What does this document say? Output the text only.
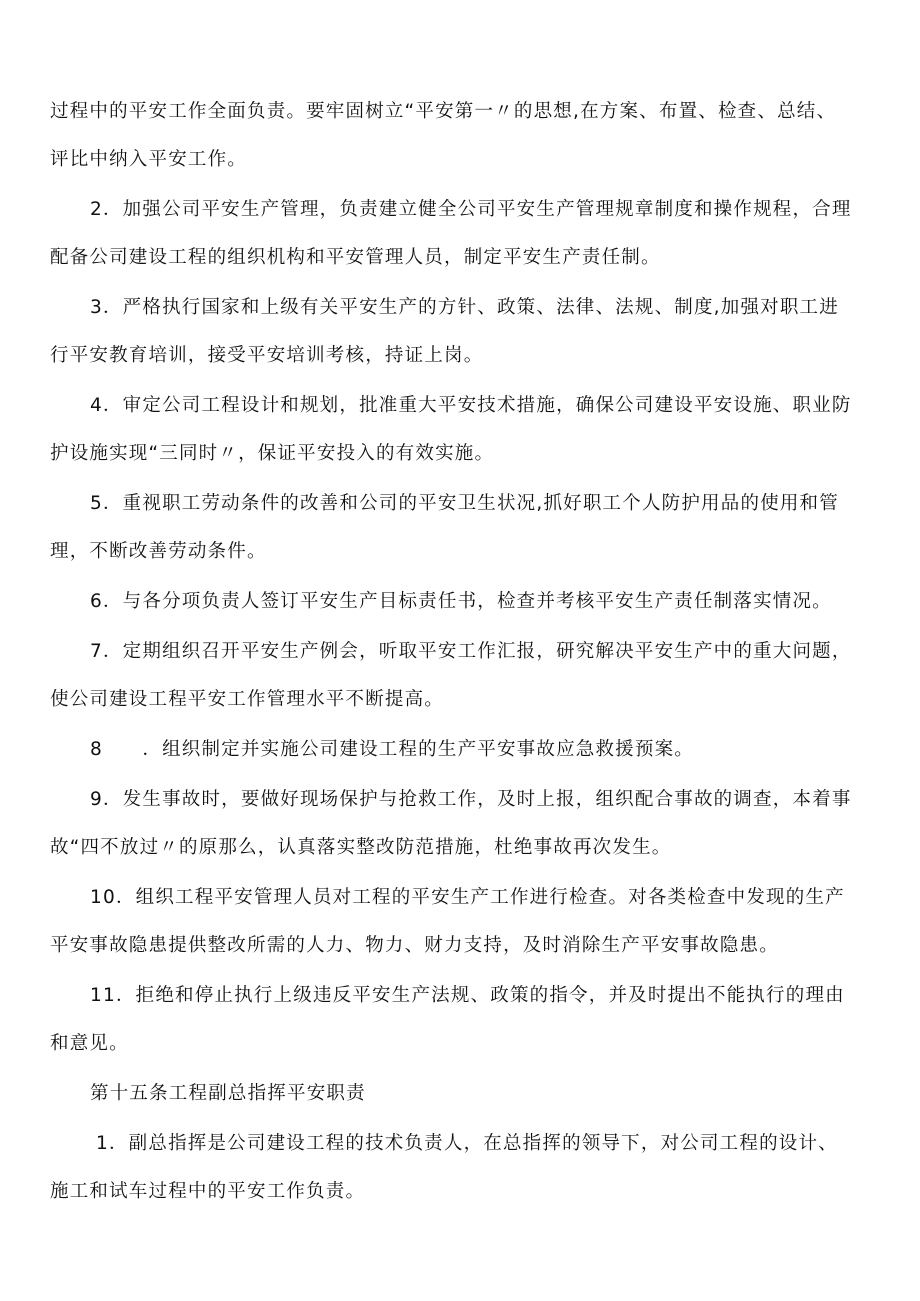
过程中的平安工作全面负责。要牢固树立“平安第一〃的思想,在方案、布置、检查、总结、
评比中纳入平安工作。
2．加强公司平安生产管理，负责建立健全公司平安生产管理规章制度和操作规程，合理
配备公司建设工程的组织机构和平安管理人员，制定平安生产责任制。
3．严格执行国家和上级有关平安生产的方针、政策、法律、法规、制度,加强对职工进
行平安教育培训，接受平安培训考核，持证上岗。
4．审定公司工程设计和规划，批准重大平安技术措施，确保公司建设平安设施、职业防
护设施实现“三同时〃，保证平安投入的有效实施。
5．重视职工劳动条件的改善和公司的平安卫生状况,抓好职工个人防护用品的使用和管
理，不断改善劳动条件。
6．与各分项负责人签订平安生产目标责任书，检查并考核平安生产责任制落实情况。
7．定期组织召开平安生产例会，听取平安工作汇报，研究解决平安生产中的重大问题，
使公司建设工程平安工作管理水平不断提高。
8　　．组织制定并实施公司建设工程的生产平安事故应急救援预案。
9．发生事故时，要做好现场保护与抢救工作，及时上报，组织配合事故的调查，本着事
故“四不放过〃的原那么，认真落实整改防范措施，杜绝事故再次发生。
10．组织工程平安管理人员对工程的平安生产工作进行检查。对各类检查中发现的生产
平安事故隐患提供整改所需的人力、物力、财力支持，及时消除生产平安事故隐患。
11．拒绝和停止执行上级违反平安生产法规、政策的指令，并及时提出不能执行的理由
和意见。
第十五条工程副总指挥平安职责
1．副总指挥是公司建设工程的技术负责人，在总指挥的领导下，对公司工程的设计、
施工和试车过程中的平安工作负责。
